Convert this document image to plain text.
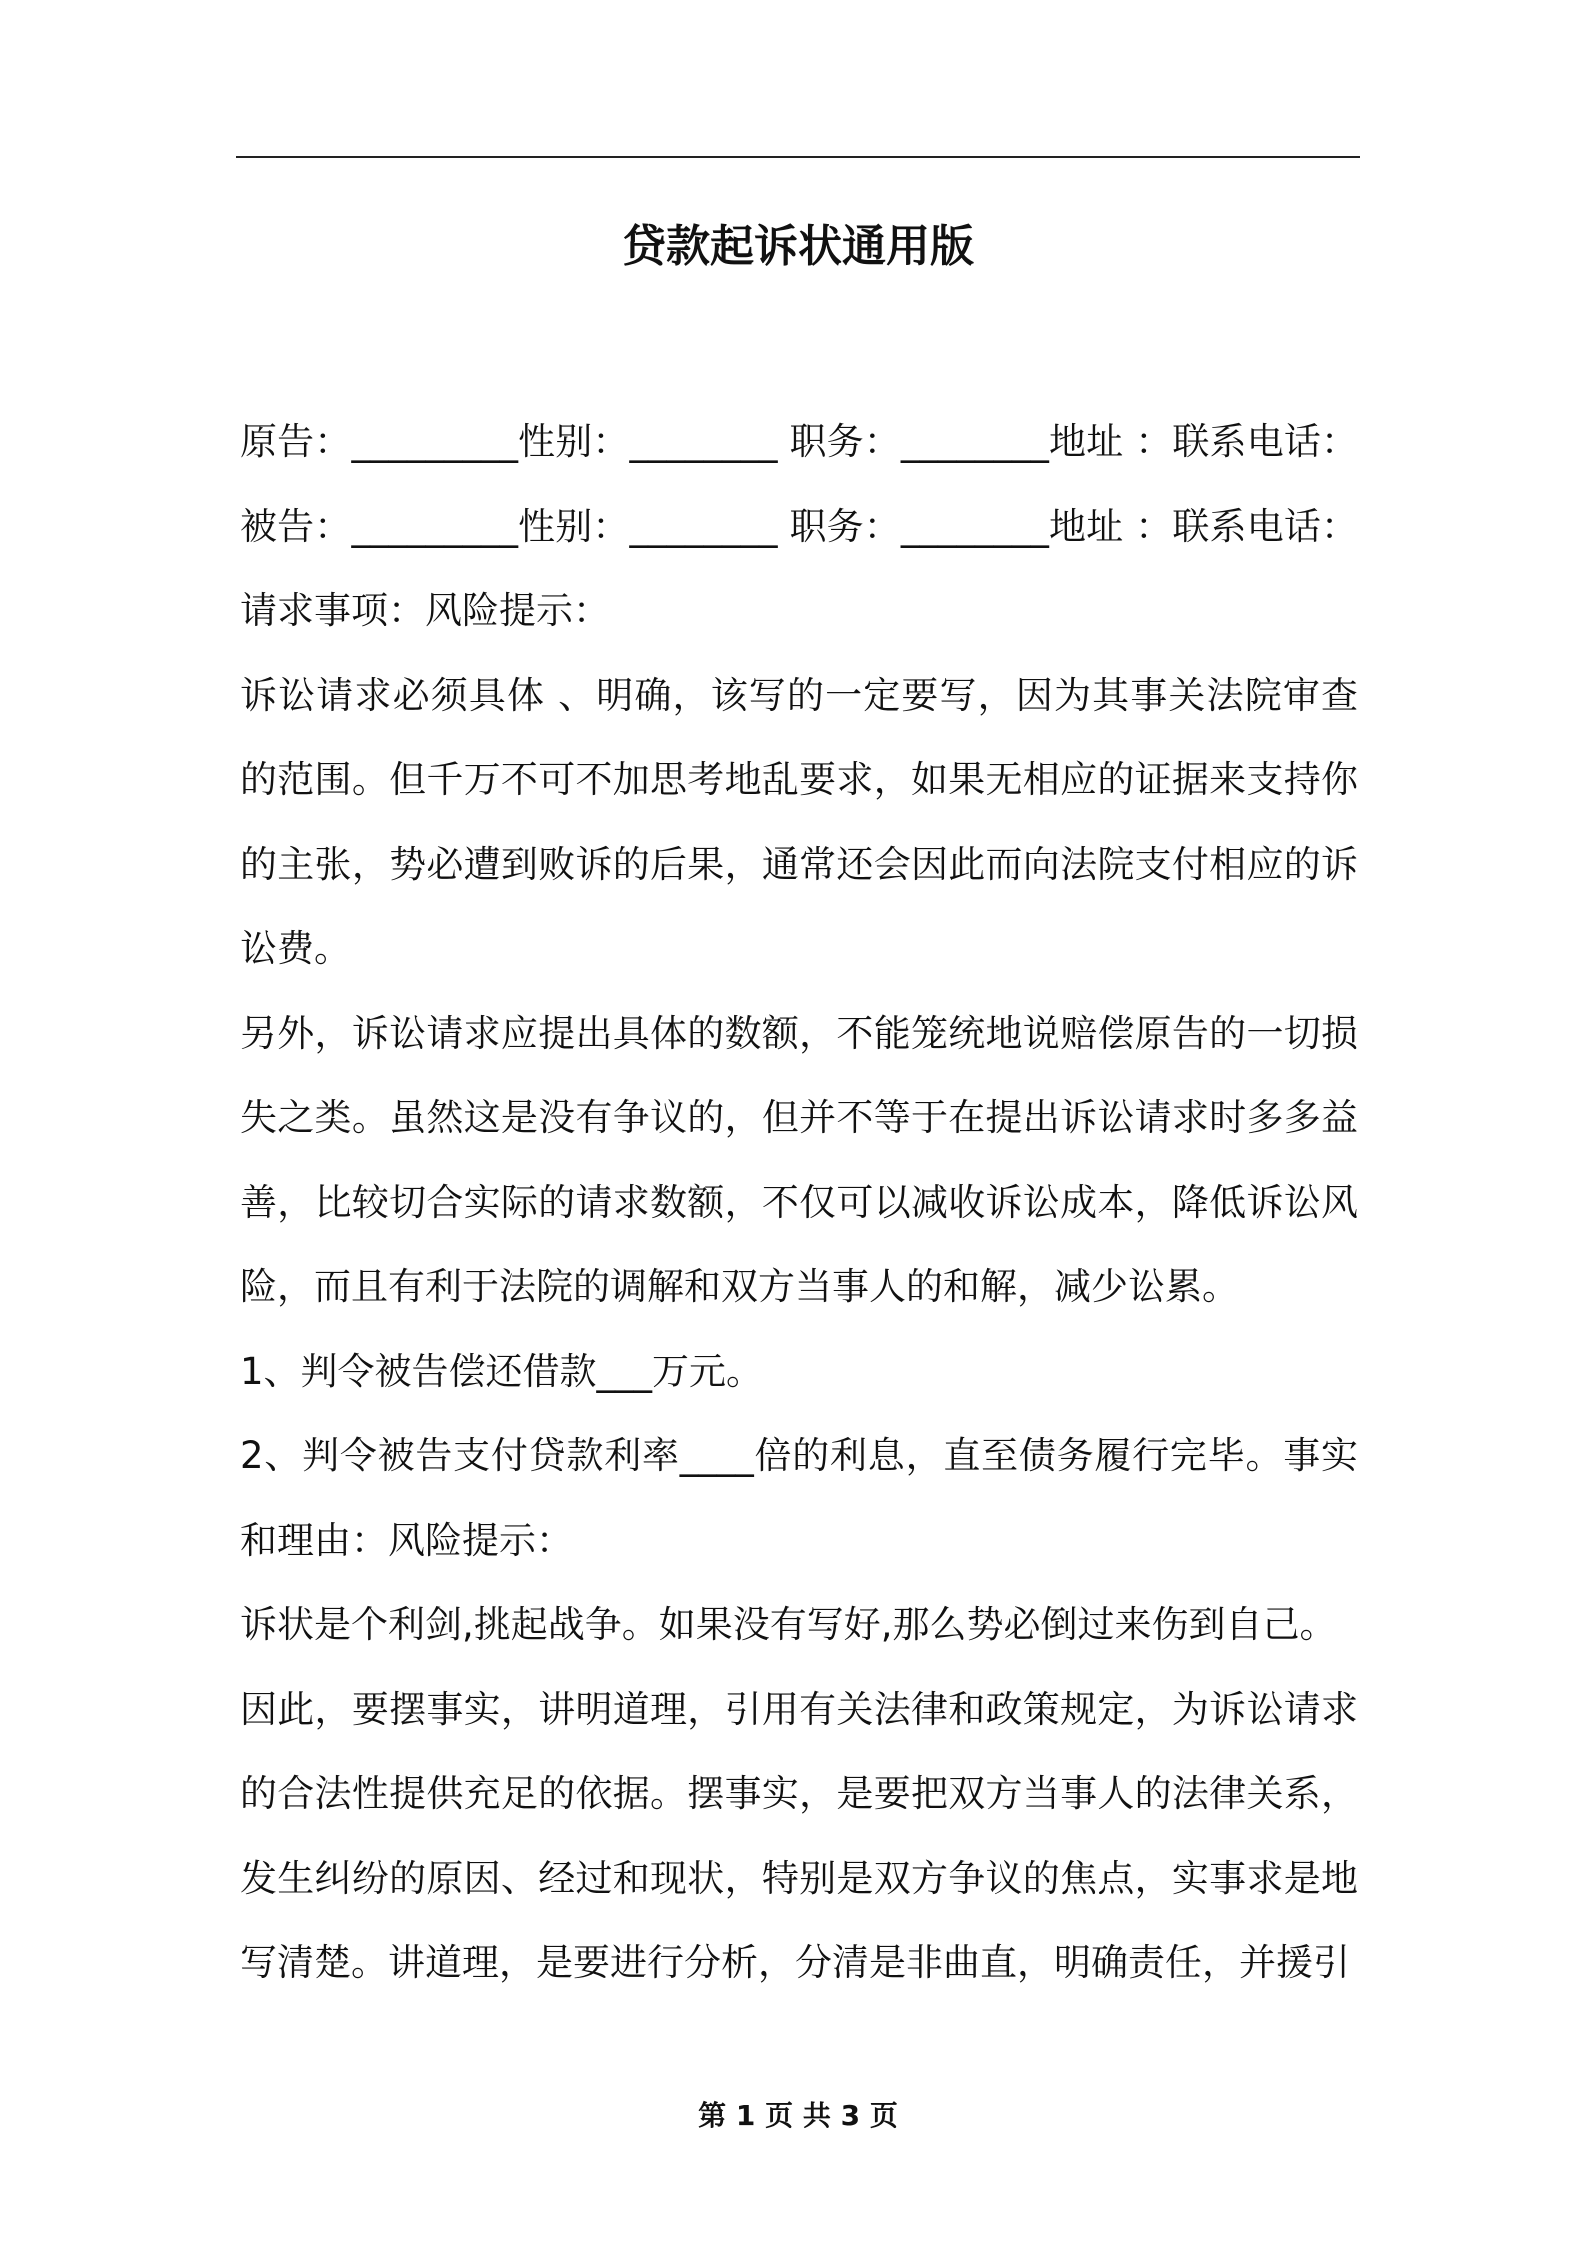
贷款起诉状通用版

原告：_________性别：________ 职务：________地址 ：联系电话：被告：_________性别：________ 职务：________地址 ：联系电话：请求事项：风险提示：

诉讼请求必须具体 、明确，该写的一定要写，因为其事关法院审查的范围。但千万不可不加思考地乱要求，如果无相应的证据来支持你的主张，势必遭到败诉的后果，通常还会因此而向法院支付相应的诉讼费。

另外，诉讼请求应提出具体的数额，不能笼统地说赔偿原告的一切损失之类。虽然这是没有争议的，但并不等于在提出诉讼请求时多多益善，比较切合实际的请求数额，不仅可以减收诉讼成本，降低诉讼风险，而且有利于法院的调解和双方当事人的和解，减少讼累。

1、判令被告偿还借款___万元。

2、判令被告支付贷款利率____倍的利息，直至债务履行完毕。事实和理由：风险提示：

诉状是个利剑,挑起战争。如果没有写好,那么势必倒过来伤到自己。

因此，要摆事实，讲明道理，引用有关法律和政策规定，为诉讼请求的合法性提供充足的依据。摆事实，是要把双方当事人的法律关系，发生纠纷的原因、经过和现状，特别是双方争议的焦点，实事求是地写清楚。讲道理，是要进行分析，分清是非曲直，明确责任，并援引

第 1 页 共 3 页
